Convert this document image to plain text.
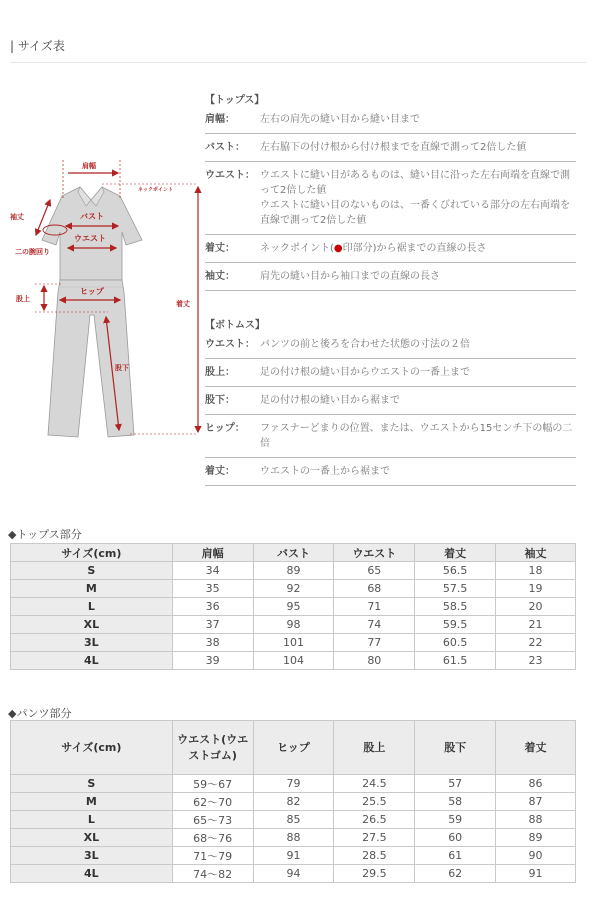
| サイズ表
肩幅
ネックポイント
着丈
袖丈
二の腕回り
バスト
ウエスト
股上
ヒップ
股下
【トップス】
肩幅：	左右の肩先の縫い目から縫い目まで
バスト：	左右脇下の付け根から付け根までを直線で測って2倍した値
ウエスト： ウエストに縫い目があるものは、縫い目に沿った左右両端を直線で測って2倍した値
ウエストに縫い目のないものは、一番くびれている部分の左右両端を直線で測って2倍した値
着丈：	ネックポイント(●印部分)から裾までの直線の長さ
袖丈：	肩先の縫い目から袖口までの直線の長さ
【ボトムス】
ウエスト： パンツの前と後ろを合わせた状態の寸法の２倍
股上：	足の付け根の縫い目からウエストの一番上まで
股下：	足の付け根の縫い目から裾まで
ヒップ：	ファスナーどまりの位置、または、ウエストから15センチ下の幅の二倍
着丈：	ウエストの一番上から裾まで
◆トップス部分
サイズ(cm)	肩幅	バスト	ウエスト	着丈	袖丈
S	34	89	65	56.5	18
M	35	92	68	57.5	19
L	36	95	71	58.5	20
XL	37	98	74	59.5	21
3L	38	101	77	60.5	22
4L	39	104	80	61.5	23
◆パンツ部分
サイズ(cm)	ウエスト(ウエストゴム)	ヒップ	股上	股下	着丈
S	59～67	79	24.5	57	86
M	62～70	82	25.5	58	87
L	65～73	85	26.5	59	88
XL	68～76	88	27.5	60	89
3L	71～79	91	28.5	61	90
4L	74～82	94	29.5	62	91
